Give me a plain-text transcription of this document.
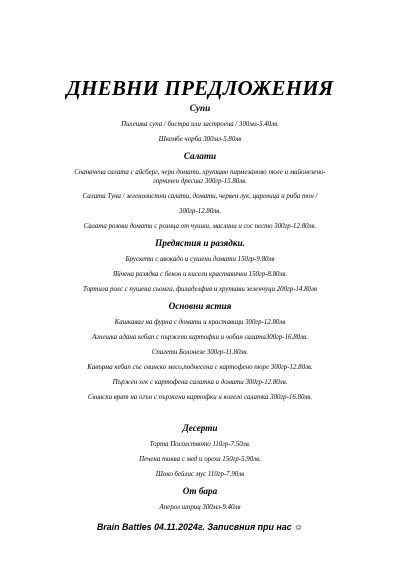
ДНЕВНИ ПРЕДЛОЖЕНИЯ

Супи

Пилешка супа / бистра или застроена / 300мл-5.40лв.

Шкембе чорба 300мл-5.80лв

Салати

Спаначена салата с айсберг, чери домати, хрупкаво пармезаново пюле и майонезено-

горчичен дресинг 300гр-15.80лв.

Салата Туна / зеленолистни салати, домати, червен лук, царевица и риба тон /

300гр-12.80лв.

Салата розови домати с розица от чушки, маслини и сос песто 300гр-12.80лв.

Предястия и разядки.

Брускети с авокадо и сушени домати 150гр-9.80лв

Яйчена разядка с бекон и кисели краставички 150гр-8.80лв.

Тортила ролс с пушена сьомга, филаделфия и хрупкави зеленчуци 200гр-14.80лв

Основни ястия

Кашкавал на фурна с домати и краставици 300гр-12.80лв

Агнешка адана кебап с пържени картофки и чобан салата300гр-16.80лв.

Спагети Болонезе 300гр-11.80лв.

Кавърма кебап със свинско месо,поднесена с картофено пюре 300гр-12.80лв.

Пържен хек с картофена салатка и домати 300гр-12.80лв.

Свински врат на огън с пържени картофки и колело салатка 300гр-16.80лв.

Десерти

Торта Посолството 110гр-7.50лв.

Печена тиква с мед и орехи 150гр-5.90лв.

Шоко бейлис мус 110гр-7.90лв

От бара

Аперол шприц 300мл-9.40лв

Brain Battles 04.11.2024г. Записвния при нас ☺
